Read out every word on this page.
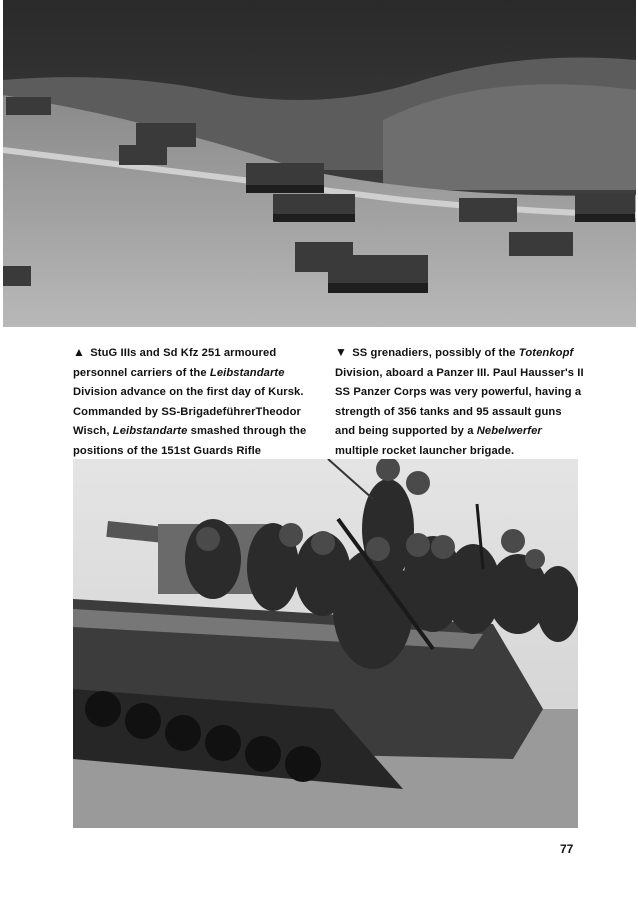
▲ StuG IIIs and Sd Kfz 251 armoured personnel carriers of the Leibstandarte Division advance on the first day of Kursk. Commanded by SS-BrigadeführerTheodor Wisch, Leibstandarte smashed through the positions of the 151st Guards Rifle
▼ SS grenadiers, possibly of the Totenkopf Division, aboard a Panzer III. Paul Hausser's II SS Panzer Corps was very powerful, having a strength of 356 tanks and 95 assault guns and being supported by a Nebelwerfer multiple rocket launcher brigade.
77
